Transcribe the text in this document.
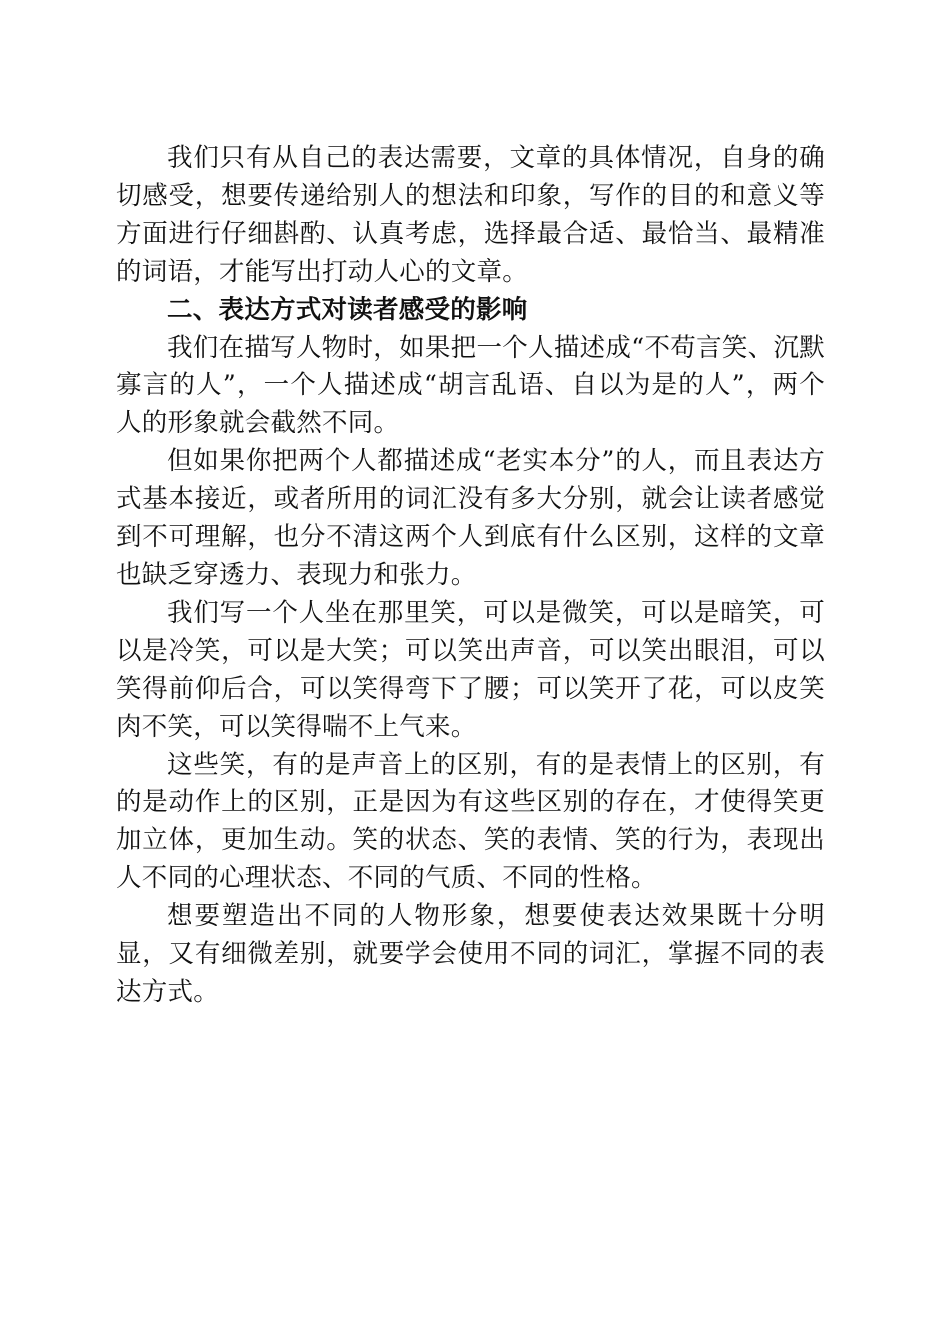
我们只有从自己的表达需要，文章的具体情况，自身的确切感受，想要传递给别人的想法和印象，写作的目的和意义等方面进行仔细斟酌、认真考虑，选择最合适、最恰当、最精准的词语，才能写出打动人心的文章。

二、表达方式对读者感受的影响

我们在描写人物时，如果把一个人描述成“不苟言笑、沉默寡言的人”，一个人描述成“胡言乱语、自以为是的人”，两个人的形象就会截然不同。

但如果你把两个人都描述成“老实本分”的人，而且表达方式基本接近，或者所用的词汇没有多大分别，就会让读者感觉到不可理解，也分不清这两个人到底有什么区别，这样的文章也缺乏穿透力、表现力和张力。

我们写一个人坐在那里笑，可以是微笑，可以是暗笑，可以是冷笑，可以是大笑；可以笑出声音，可以笑出眼泪，可以笑得前仰后合，可以笑得弯下了腰；可以笑开了花，可以皮笑肉不笑，可以笑得喘不上气来。

这些笑，有的是声音上的区别，有的是表情上的区别，有的是动作上的区别，正是因为有这些区别的存在，才使得笑更加立体，更加生动。笑的状态、笑的表情、笑的行为，表现出人不同的心理状态、不同的气质、不同的性格。

想要塑造出不同的人物形象，想要使表达效果既十分明显，又有细微差别，就要学会使用不同的词汇，掌握不同的表达方式。
